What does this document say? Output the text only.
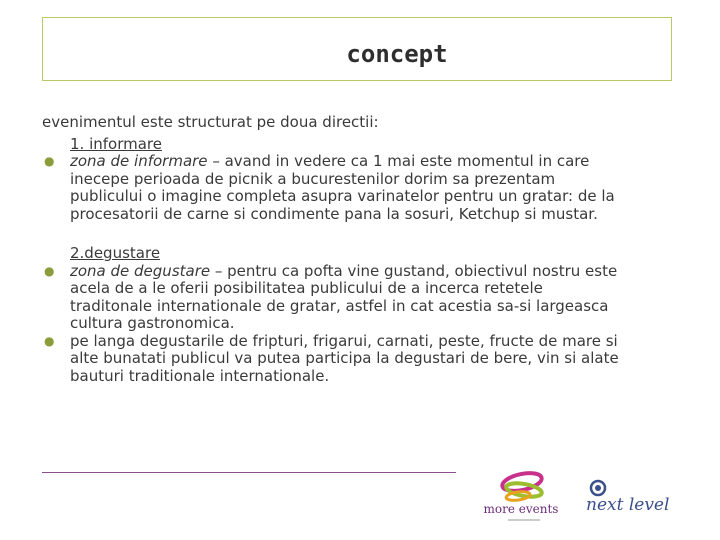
concept

evenimentul este structurat pe doua directii:

1. informare

● zona de informare – avand in vedere ca 1 mai este momentul in care
inecepe perioada de picnik a bucurestenilor dorim sa prezentam
publicului o imagine completa asupra varinatelor pentru un gratar: de la
procesatorii de carne si condimente pana la sosuri, Ketchup si mustar.

2.degustare

● zona de degustare – pentru ca pofta vine gustand, obiectivul nostru este
acela de a le oferii posibilitatea publicului de a incerca retetele
traditonale internationale de gratar, astfel in cat acestia sa-si largeasca
cultura gastronomica.
● pe langa degustarile de fripturi, frigarui, carnati, peste, fructe de mare si
alte bunatati publicul va putea participa la degustari de bere, vin si alate
bauturi traditionale internationale.
more events next level
